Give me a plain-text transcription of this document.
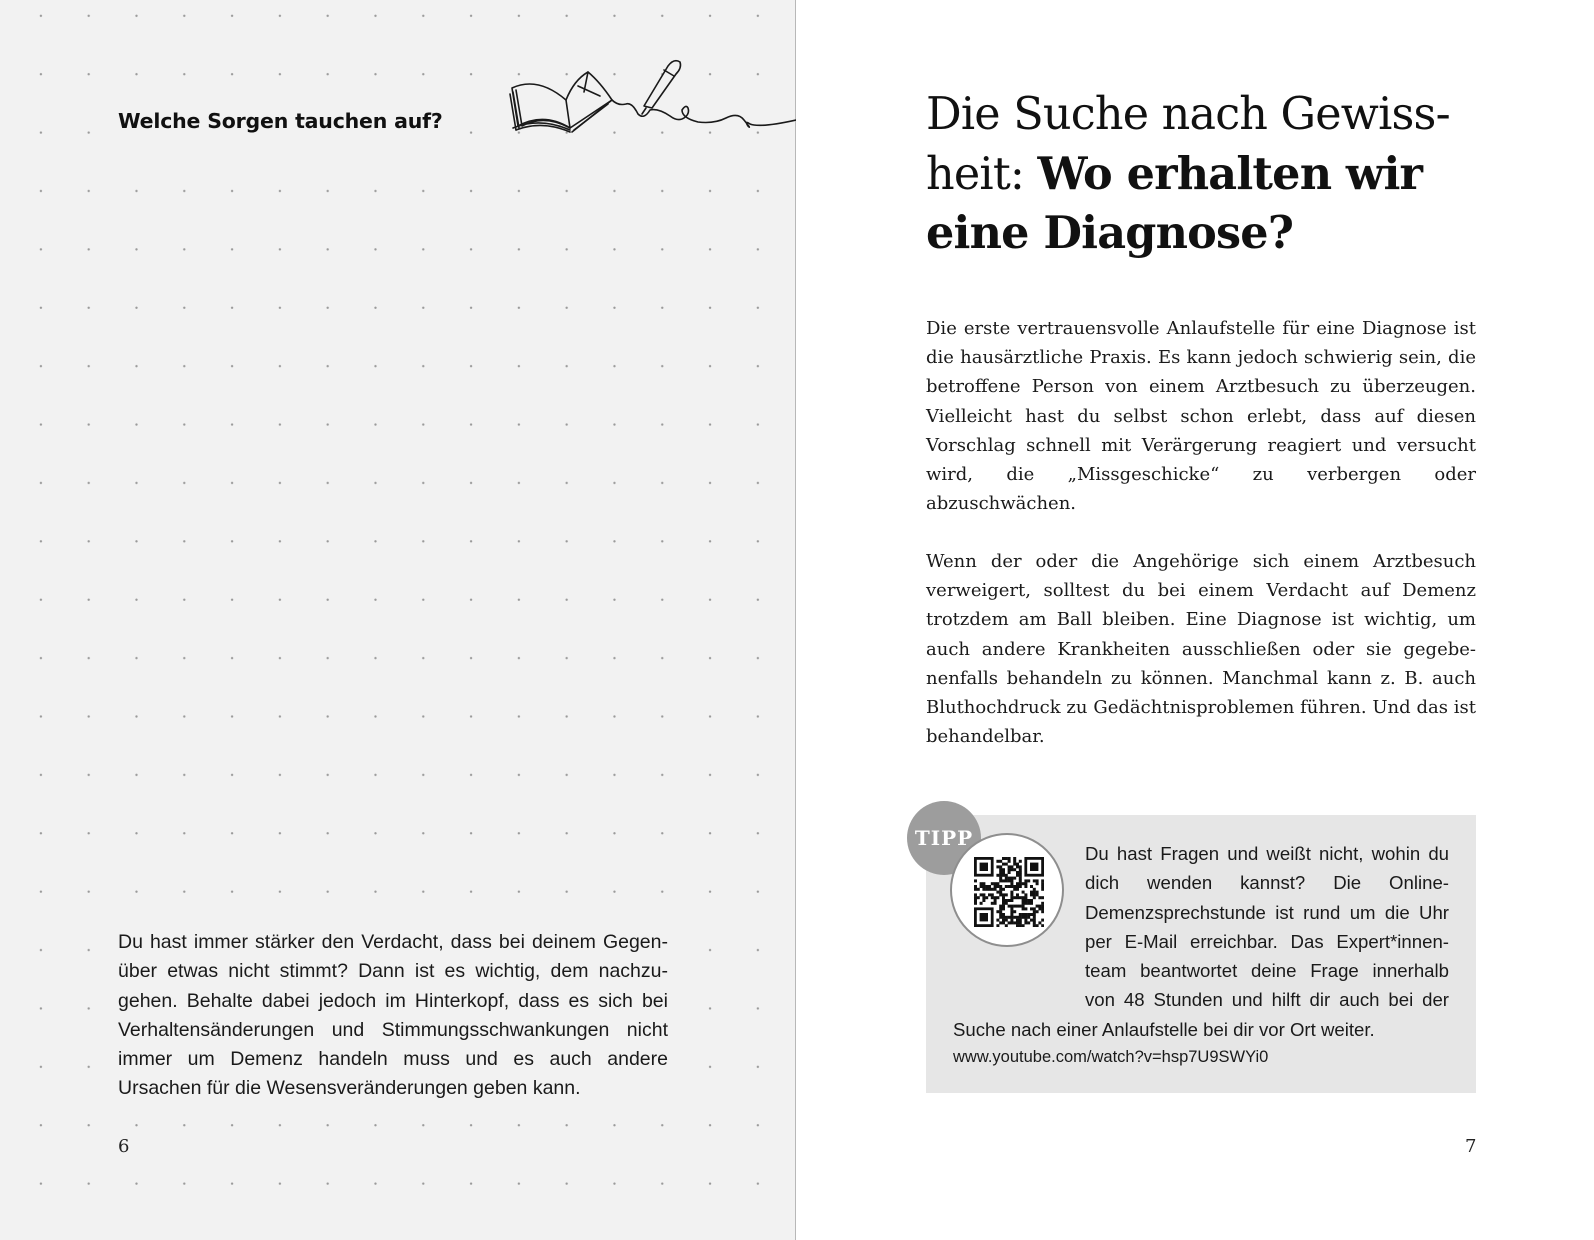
Welche Sorgen tauchen auf?
Du hast immer stärker den Verdacht, dass bei deinem Gegenüber etwas nicht stimmt? Dann ist es wichtig, dem nachzugehen. Behalte dabei jedoch im Hinterkopf, dass es sich bei Verhaltensänderungen und Stimmungsschwankungen nicht immer um Demenz handeln muss und es auch andere Ursachen für die Wesensveränderungen geben kann.
6
Die Suche nach Gewissheit: Wo erhalten wir eine Diagnose?
Die erste vertrauensvolle Anlaufstelle für eine Diagnose ist die hausärztliche Praxis. Es kann jedoch schwierig sein, die betroffene Person von einem Arztbesuch zu überzeugen. Vielleicht hast du selbst schon erlebt, dass auf diesen Vorschlag schnell mit Verärgerung reagiert und versucht wird, die „Missgeschicke“ zu verbergen oder abzuschwächen.
Wenn der oder die Angehörige sich einem Arztbesuch verweigert, solltest du bei einem Verdacht auf Demenz trotzdem am Ball bleiben. Eine Diagnose ist wichtig, um auch andere Krankheiten ausschließen oder sie gegebenenfalls behandeln zu können. Manchmal kann z. B. auch Bluthochdruck zu Gedächtnisproblemen führen. Und das ist behandelbar.
TIPP
Du hast Fragen und weißt nicht, wohin du dich wenden kannst? Die Online-Demenzsprechstunde ist rund um die Uhr per E-Mail erreichbar. Das Expert*innenteam beantwortet deine Frage innerhalb von 48 Stunden und hilft dir auch bei der Suche nach einer Anlaufstelle bei dir vor Ort weiter.
www.youtube.com/watch?v=hsp7U9SWYi0
7
